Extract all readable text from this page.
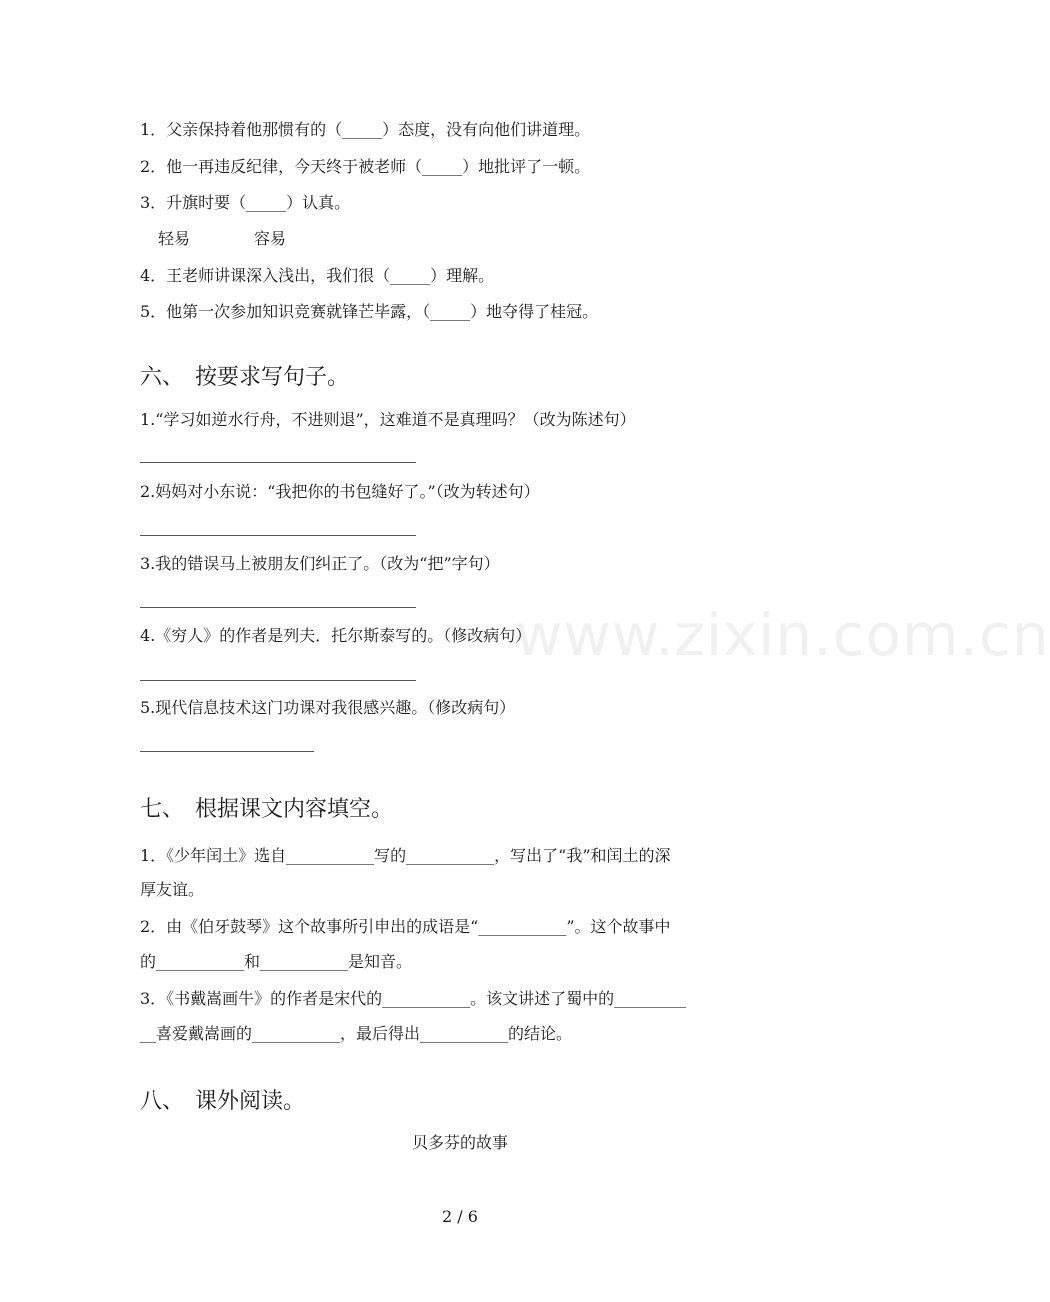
www.zixin.com.cn
1．父亲保持着他那惯有的（_____）态度，没有向他们讲道理。
2．他一再违反纪律，今天终于被老师（_____）地批评了一顿。
3．升旗时要（_____）认真。
轻易　　　　容易
4．王老师讲课深入浅出，我们很（_____）理解。
5．他第一次参加知识竞赛就锋芒毕露，（_____）地夺得了桂冠。
六、　按要求写句子。
1.“学习如逆水行舟，不进则退”，这难道不是真理吗？（改为陈述句）
2.妈妈对小东说：“我把你的书包缝好了。”（改为转述句）
3.我的错误马上被朋友们纠正了。（改为“把”字句）
4.《穷人》的作者是列夫．托尔斯泰写的。（修改病句）
5.现代信息技术这门功课对我很感兴趣。（修改病句）
七、　根据课文内容填空。
1．《少年闰土》选自___________写的___________，写出了“我”和闰土的深
厚友谊。
2．由《伯牙鼓琴》这个故事所引申出的成语是“___________”。这个故事中
的___________和___________是知音。
3．《书戴嵩画牛》的作者是宋代的___________。该文讲述了蜀中的_________
__喜爱戴嵩画的___________，最后得出___________的结论。
八、　课外阅读。
贝多芬的故事
2 / 6
